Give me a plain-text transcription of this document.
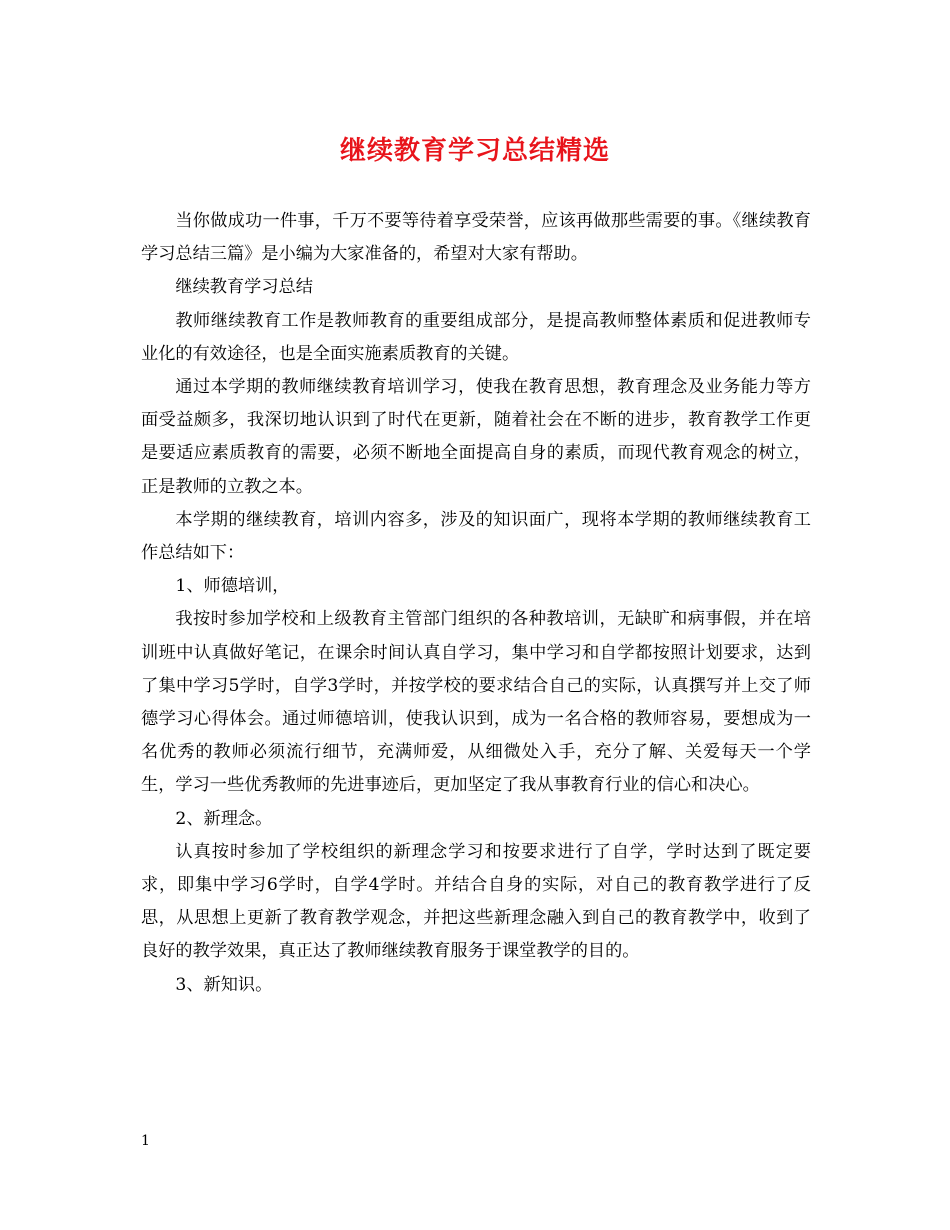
继续教育学习总结精选

当你做成功一件事，千万不要等待着享受荣誉，应该再做那些需要的事。《继续教育学习总结三篇》是小编为大家准备的，希望对大家有帮助。

继续教育学习总结

教师继续教育工作是教师教育的重要组成部分，是提高教师整体素质和促进教师专业化的有效途径，也是全面实施素质教育的关键。

通过本学期的教师继续教育培训学习，使我在教育思想，教育理念及业务能力等方面受益颇多，我深切地认识到了时代在更新，随着社会在不断的进步，教育教学工作更是要适应素质教育的需要，必须不断地全面提高自身的素质，而现代教育观念的树立，正是教师的立教之本。

本学期的继续教育，培训内容多，涉及的知识面广，现将本学期的教师继续教育工作总结如下：

1、师德培训，

我按时参加学校和上级教育主管部门组织的各种教培训，无缺旷和病事假，并在培训班中认真做好笔记，在课余时间认真自学习，集中学习和自学都按照计划要求，达到了集中学习5学时，自学3学时，并按学校的要求结合自己的实际，认真撰写并上交了师德学习心得体会。通过师德培训，使我认识到，成为一名合格的教师容易，要想成为一名优秀的教师必须流行细节，充满师爱，从细微处入手，充分了解、关爱每天一个学生，学习一些优秀教师的先进事迹后，更加坚定了我从事教育行业的信心和决心。

2、新理念。

认真按时参加了学校组织的新理念学习和按要求进行了自学，学时达到了既定要求，即集中学习6学时，自学4学时。并结合自身的实际，对自己的教育教学进行了反思，从思想上更新了教育教学观念，并把这些新理念融入到自己的教育教学中，收到了良好的教学效果，真正达了教师继续教育服务于课堂教学的目的。

3、新知识。

1
